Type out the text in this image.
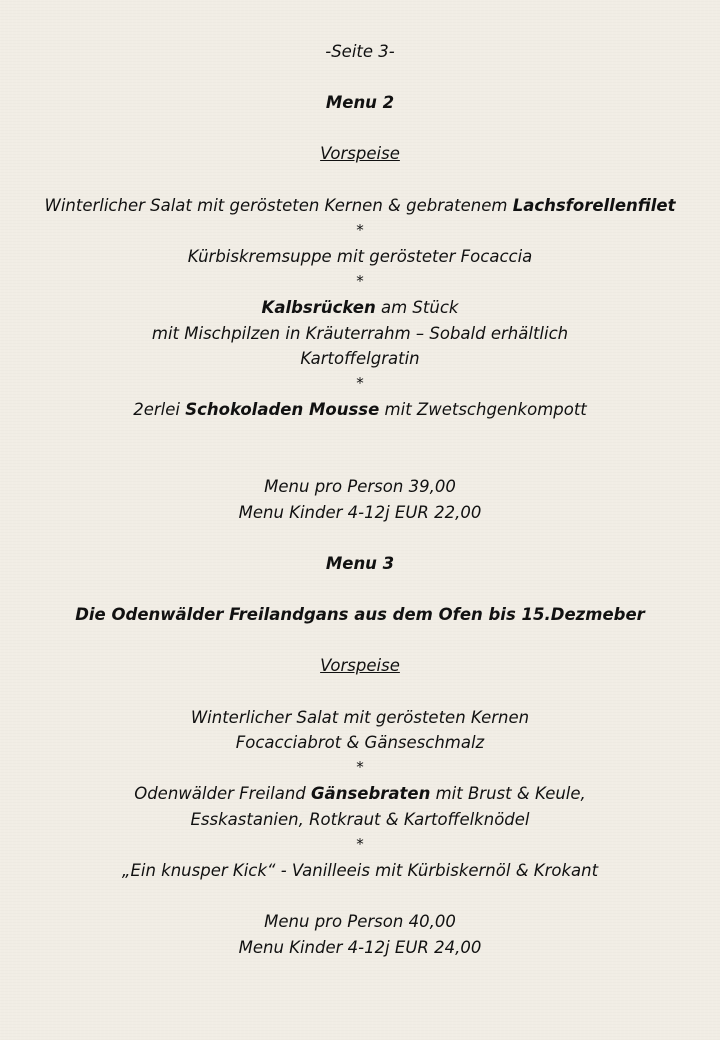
-Seite 3-
Menu 2
Vorspeise
Winterlicher Salat mit gerösteten Kernen & gebratenem Lachsforellenfilet
*
Kürbiskremsuppe mit gerösteter Focaccia
*
Kalbsrücken am Stück
mit Mischpilzen in Kräuterrahm – Sobald erhältlich
Kartoffelgratin
*
2erlei Schokoladen Mousse mit Zwetschgenkompott
Menu pro Person 39,00
Menu Kinder 4-12j EUR 22,00
Menu 3
Die Odenwälder Freilandgans aus dem Ofen bis 15.Dezmeber
Vorspeise
Winterlicher Salat mit gerösteten Kernen
Focacciabrot & Gänseschmalz
*
Odenwälder Freiland Gänsebraten mit Brust & Keule,
Esskastanien, Rotkraut & Kartoffelknödel
*
„Ein knusper Kick“ - Vanilleeis mit Kürbiskernöl & Krokant
Menu pro Person 40,00
Menu Kinder 4-12j EUR 24,00
